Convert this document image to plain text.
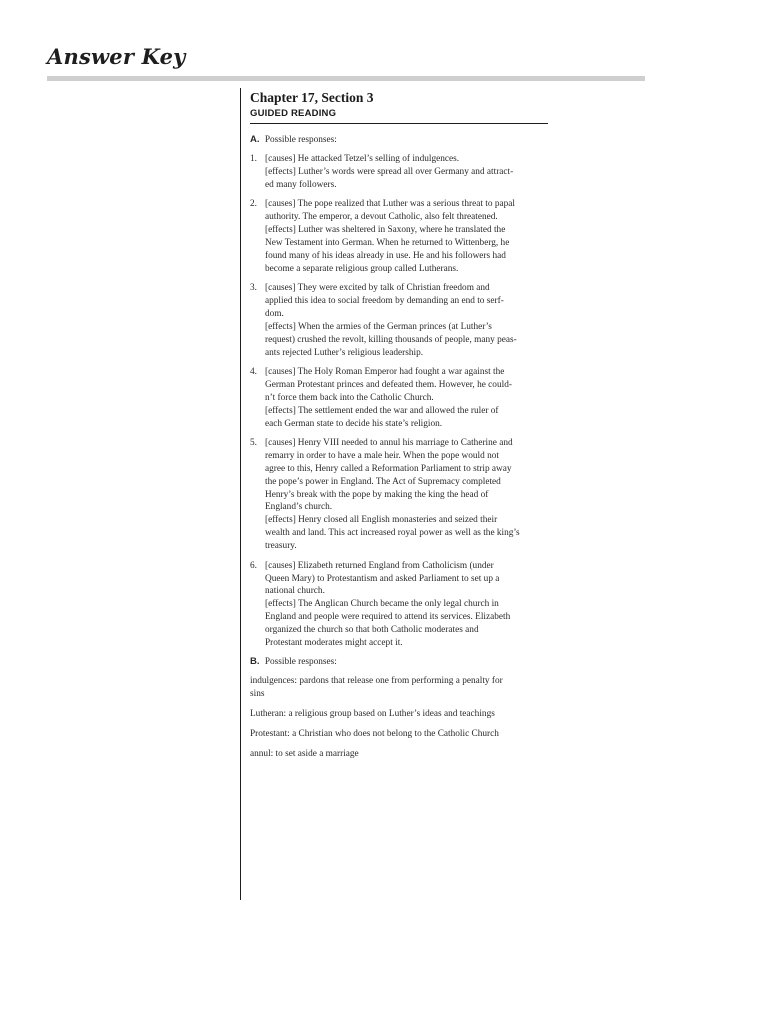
Answer Key
Chapter 17, Section 3
GUIDED READING
A. Possible responses:
1. [causes] He attacked Tetzel’s selling of indulgences.
[effects] Luther’s words were spread all over Germany and attract-
ed many followers.
2. [causes] The pope realized that Luther was a serious threat to papal
authority. The emperor, a devout Catholic, also felt threatened.
[effects] Luther was sheltered in Saxony, where he translated the
New Testament into German. When he returned to Wittenberg, he
found many of his ideas already in use. He and his followers had
become a separate religious group called Lutherans.
3. [causes] They were excited by talk of Christian freedom and
applied this idea to social freedom by demanding an end to serf-
dom.
[effects] When the armies of the German princes (at Luther’s
request) crushed the revolt, killing thousands of people, many peas-
ants rejected Luther’s religious leadership.
4. [causes] The Holy Roman Emperor had fought a war against the
German Protestant princes and defeated them. However, he could-
n’t force them back into the Catholic Church.
[effects] The settlement ended the war and allowed the ruler of
each German state to decide his state’s religion.
5. [causes] Henry VIII needed to annul his marriage to Catherine and
remarry in order to have a male heir. When the pope would not
agree to this, Henry called a Reformation Parliament to strip away
the pope’s power in England. The Act of Supremacy completed
Henry’s break with the pope by making the king the head of
England’s church.
[effects] Henry closed all English monasteries and seized their
wealth and land. This act increased royal power as well as the king’s
treasury.
6. [causes] Elizabeth returned England from Catholicism (under
Queen Mary) to Protestantism and asked Parliament to set up a
national church.
[effects] The Anglican Church became the only legal church in
England and people were required to attend its services. Elizabeth
organized the church so that both Catholic moderates and
Protestant moderates might accept it.
B. Possible responses:
indulgences: pardons that release one from performing a penalty for
sins
Lutheran: a religious group based on Luther’s ideas and teachings
Protestant: a Christian who does not belong to the Catholic Church
annul: to set aside a marriage
